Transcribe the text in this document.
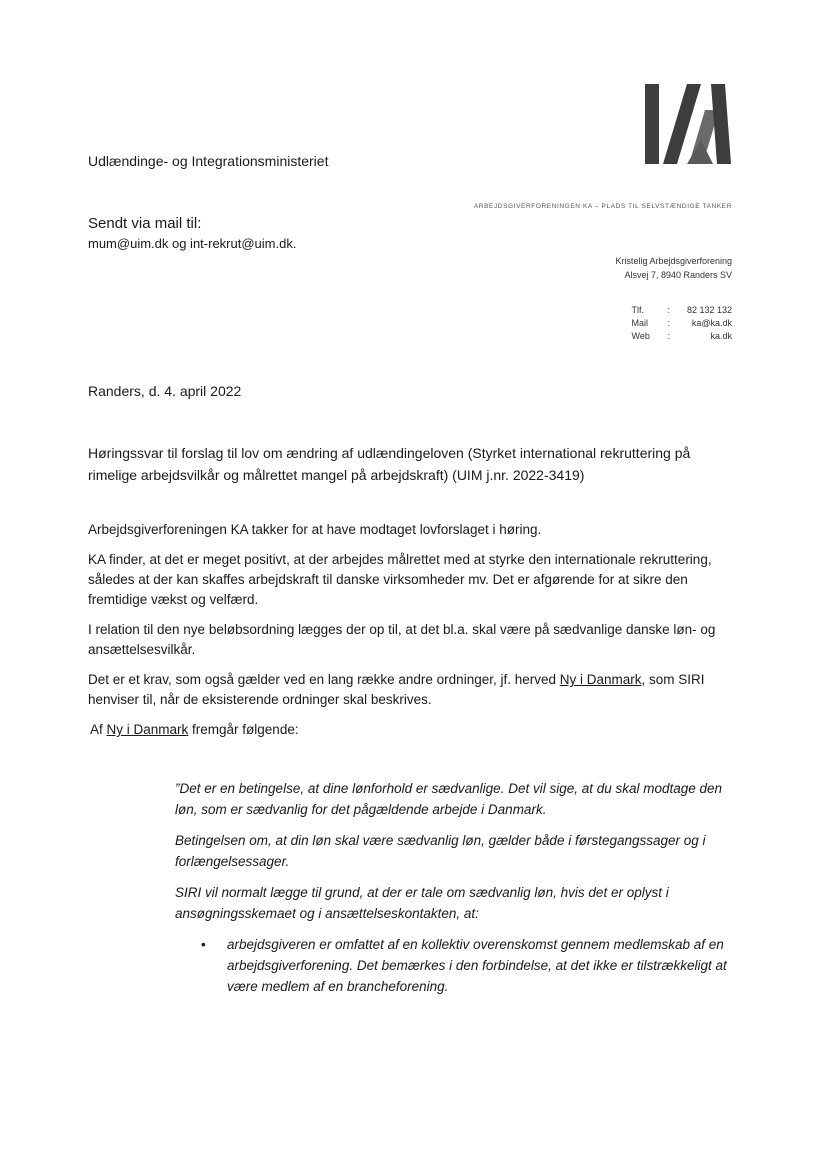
Udlændinge- og Integrationsministeriet
ARBEJDSGIVERFORENINGEN KA – PLADS TIL SELVSTÆNDIGE TANKER
Sendt via mail til:
mum@uim.dk og int-rekrut@uim.dk.
Kristelig Arbejdsgiverforening
Alsvej 7, 8940 Randers SV
Tlf.	:	82 132 132
Mail	:	ka@ka.dk
Web	:	ka.dk
Randers, d. 4. april 2022
Høringssvar til forslag til lov om ændring af udlændingeloven (Styrket international rekruttering på rimelige arbejdsvilkår og målrettet mangel på arbejdskraft) (UIM j.nr. 2022-3419)

Arbejdsgiverforeningen KA takker for at have modtaget lovforslaget i høring.

KA finder, at det er meget positivt, at der arbejdes målrettet med at styrke den internationale rekruttering, således at der kan skaffes arbejdskraft til danske virksomheder mv. Det er afgørende for at sikre den fremtidige vækst og velfærd.

I relation til den nye beløbsordning lægges der op til, at det bl.a. skal være på sædvanlige danske løn- og ansættelsesvilkår.

Det er et krav, som også gælder ved en lang række andre ordninger, jf. herved Ny i Danmark, som SIRI henviser til, når de eksisterende ordninger skal beskrives.

Af Ny i Danmark fremgår følgende:

”Det er en betingelse, at dine lønforhold er sædvanlige. Det vil sige, at du skal modtage den løn, som er sædvanlig for det pågældende arbejde i Danmark.

Betingelsen om, at din løn skal være sædvanlig løn, gælder både i førstegangssager og i forlængelsessager.

SIRI vil normalt lægge til grund, at der er tale om sædvanlig løn, hvis det er oplyst i ansøgningsskemaet og i ansættelseskontakten, at:

• arbejdsgiveren er omfattet af en kollektiv overenskomst gennem medlemskab af en arbejdsgiverforening. Det bemærkes i den forbindelse, at det ikke er tilstrækkeligt at være medlem af en brancheforening.
